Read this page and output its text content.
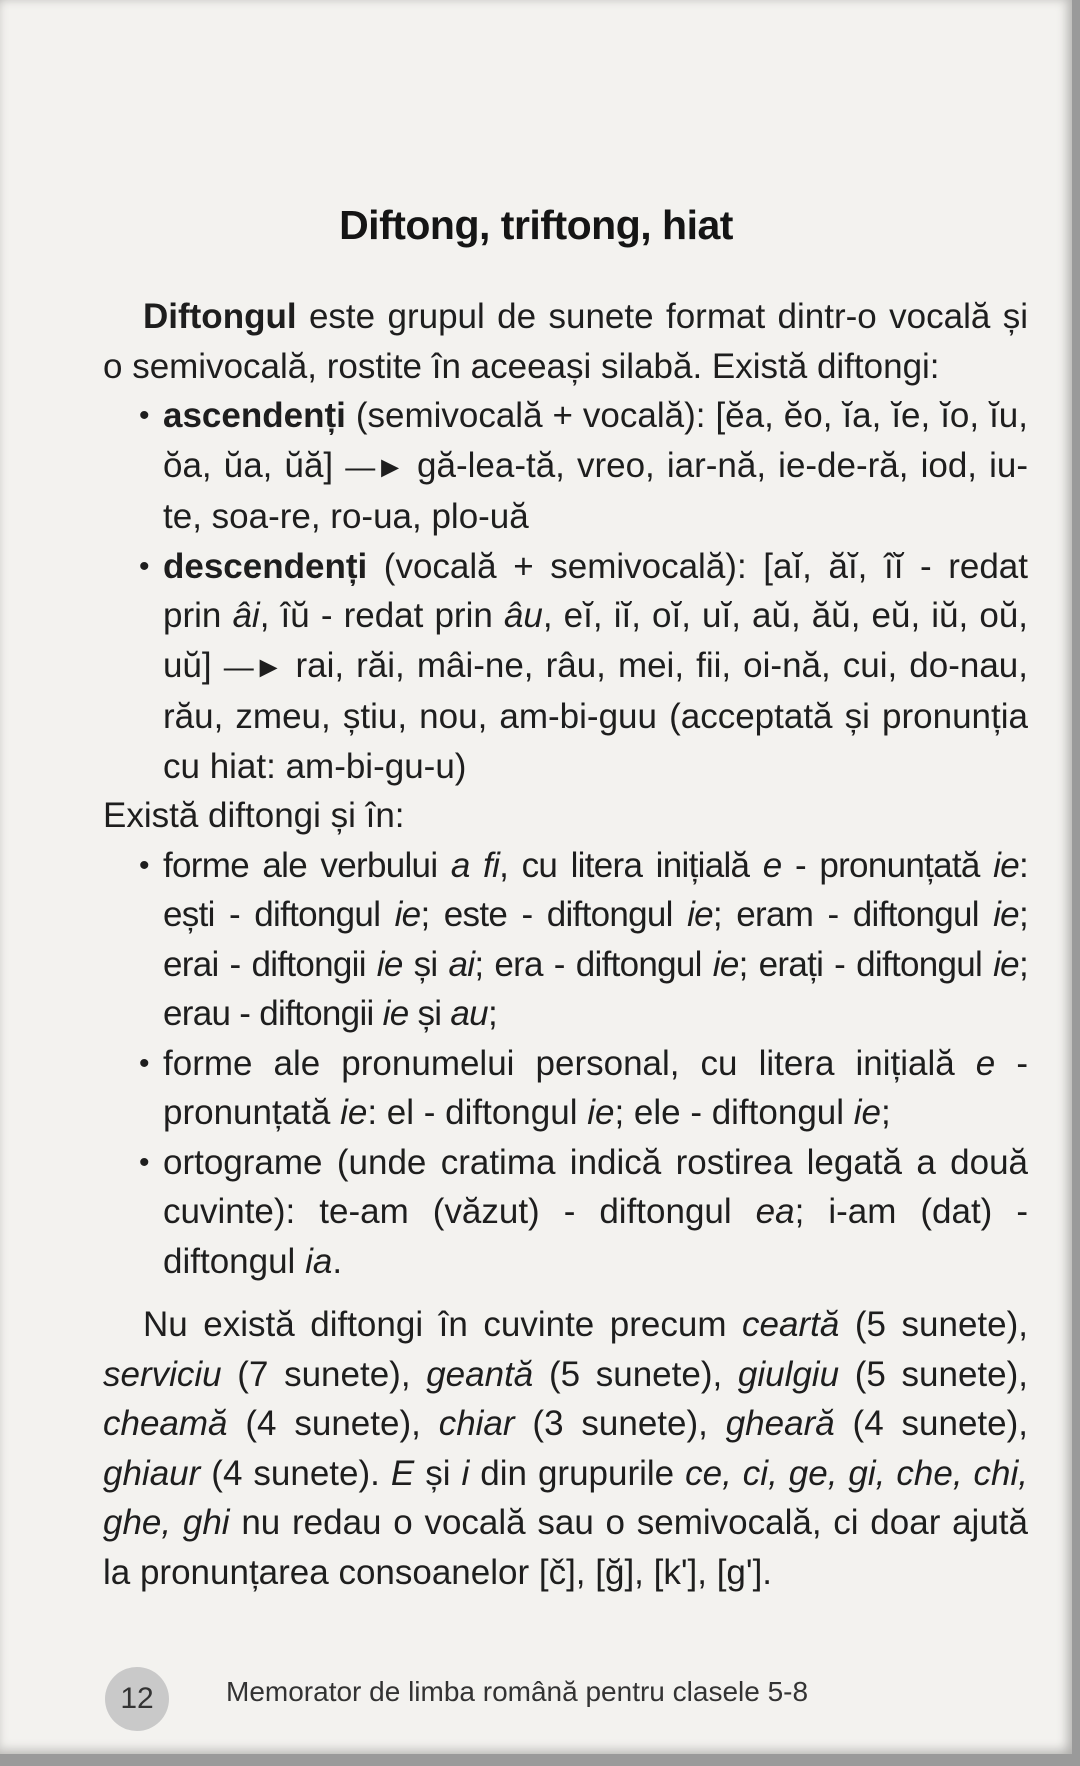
Diftong, triftong, hiat

Diftongul este grupul de sunete format dintr-o vocală și o semivocală, rostite în aceeași silabă. Există diftongi:

• ascendenți (semivocală + vocală): [ĕa, ĕo, ĭa, ĭe, ĭo, ĭu, ŏa, ŭa, ŭă] —► gă-lea-tă, vreo, iar-nă, ie-de-ră, iod, iu-te, soa-re, ro-ua, plo-uă
• descendenți (vocală + semivocală): [aĭ, ăĭ, îĭ - redat prin âi, îŭ - redat prin âu, eĭ, iĭ, oĭ, uĭ, aŭ, ăŭ, eŭ, iŭ, oŭ, uŭ] —► rai, răi, mâi-ne, râu, mei, fii, oi-nă, cui, do-nau, rău, zmeu, știu, nou, am-bi-guu (acceptată și pronunția cu hiat: am-bi-gu-u)

Există diftongi și în:

• forme ale verbului a fi, cu litera inițială e - pronunțată ie: ești - diftongul ie; este - diftongul ie; eram - diftongul ie; erai - diftongii ie și ai; era - diftongul ie; erați - diftongul ie; erau - diftongii ie și au;
• forme ale pronumelui personal, cu litera inițială e - pronunțată ie: el - diftongul ie; ele - diftongul ie;
• ortograme (unde cratima indică rostirea legată a două cuvinte): te-am (văzut) - diftongul ea; i-am (dat) - diftongul ia.

Nu există diftongi în cuvinte precum ceartă (5 sunete), serviciu (7 sunete), geantă (5 sunete), giulgiu (5 sunete), cheamă (4 sunete), chiar (3 sunete), gheară (4 sunete), ghiaur (4 sunete). E și i din grupurile ce, ci, ge, gi, che, chi, ghe, ghi nu redau o vocală sau o semivocală, ci doar ajută la pronunțarea consoanelor [č], [ğ], [k'], [g'].

12	Memorator de limba română pentru clasele 5-8
